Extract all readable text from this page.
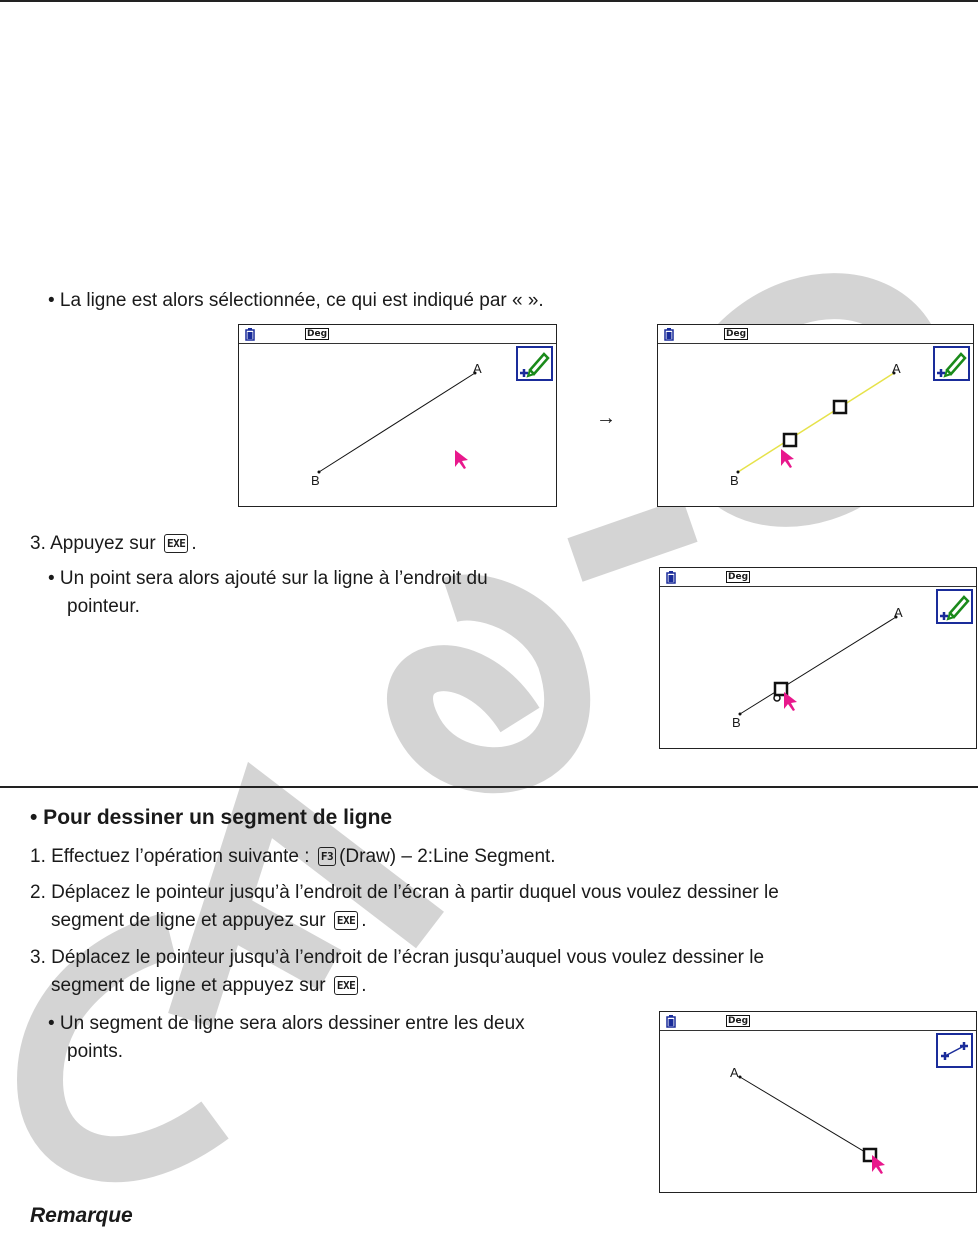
• La ligne est alors sélectionnée, ce qui est indiqué par « ».
Deg
A
B
→
Deg
A
B
3. Appuyez sur EXE .
• Un point sera alors ajouté sur la ligne à l’endroit du
pointeur.
Deg
A
B
• Pour dessiner un segment de ligne
1. Effectuez l’opération suivante : F3 (Draw) – 2:Line Segment.
2. Déplacez le pointeur jusqu’à l’endroit de l’écran à partir duquel vous voulez dessiner le
segment de ligne et appuyez sur EXE .
3. Déplacez le pointeur jusqu’à l’endroit de l’écran jusqu’auquel vous voulez dessiner le
segment de ligne et appuyez sur EXE .
• Un segment de ligne sera alors dessiner entre les deux
points.
Deg
A
Remarque
